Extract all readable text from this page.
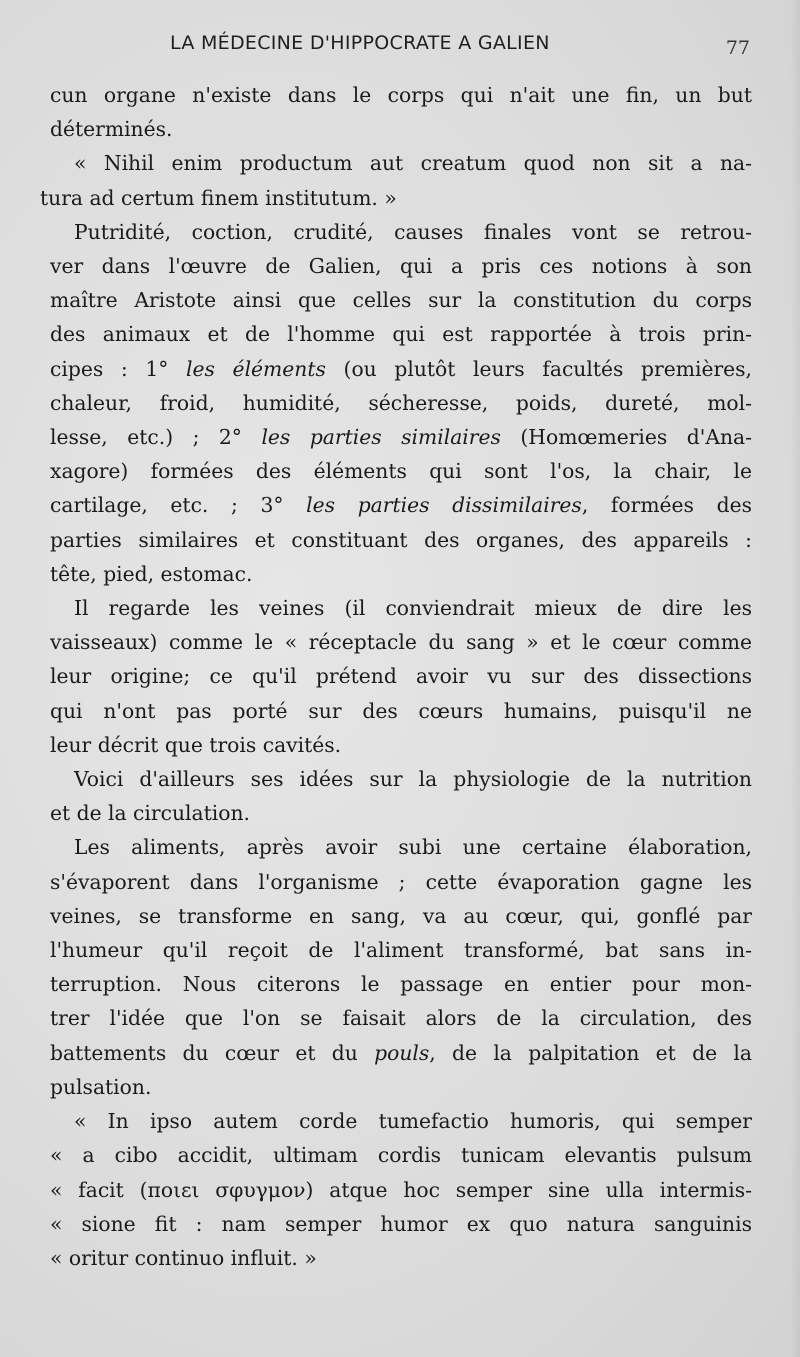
LA MÉDECINE D'HIPPOCRATE A GALIEN	77
cun organe n'existe dans le corps qui n'ait une fin, un but
déterminés.
« Nihil enim productum aut creatum quod non sit a na-
tura ad certum finem institutum. »
Putridité, coction, crudité, causes finales vont se retrou-
ver dans l'œuvre de Galien, qui a pris ces notions à son
maître Aristote ainsi que celles sur la constitution du corps
des animaux et de l'homme qui est rapportée à trois prin-
cipes : 1° les éléments (ou plutôt leurs facultés premières,
chaleur, froid, humidité, sécheresse, poids, dureté, mol-
lesse, etc.) ; 2° les parties similaires (Homœmeries d'Ana-
xagore) formées des éléments qui sont l'os, la chair, le
cartilage, etc. ; 3° les parties dissimilaires, formées des
parties similaires et constituant des organes, des appareils :
tête, pied, estomac.
Il regarde les veines (il conviendrait mieux de dire les
vaisseaux) comme le « réceptacle du sang » et le cœur comme
leur origine; ce qu'il prétend avoir vu sur des dissections
qui n'ont pas porté sur des cœurs humains, puisqu'il ne
leur décrit que trois cavités.
Voici d'ailleurs ses idées sur la physiologie de la nutrition
et de la circulation.
Les aliments, après avoir subi une certaine élaboration,
s'évaporent dans l'organisme ; cette évaporation gagne les
veines, se transforme en sang, va au cœur, qui, gonflé par
l'humeur qu'il reçoit de l'aliment transformé, bat sans in-
terruption. Nous citerons le passage en entier pour mon-
trer l'idée que l'on se faisait alors de la circulation, des
battements du cœur et du pouls, de la palpitation et de la
pulsation.
« In ipso autem corde tumefactio humoris, qui semper
« a cibo accidit, ultimam cordis tunicam elevantis pulsum
« facit (ποιει σφυγμον) atque hoc semper sine ulla intermis-
« sione fit : nam semper humor ex quo natura sanguinis
« oritur continuo influit. »
